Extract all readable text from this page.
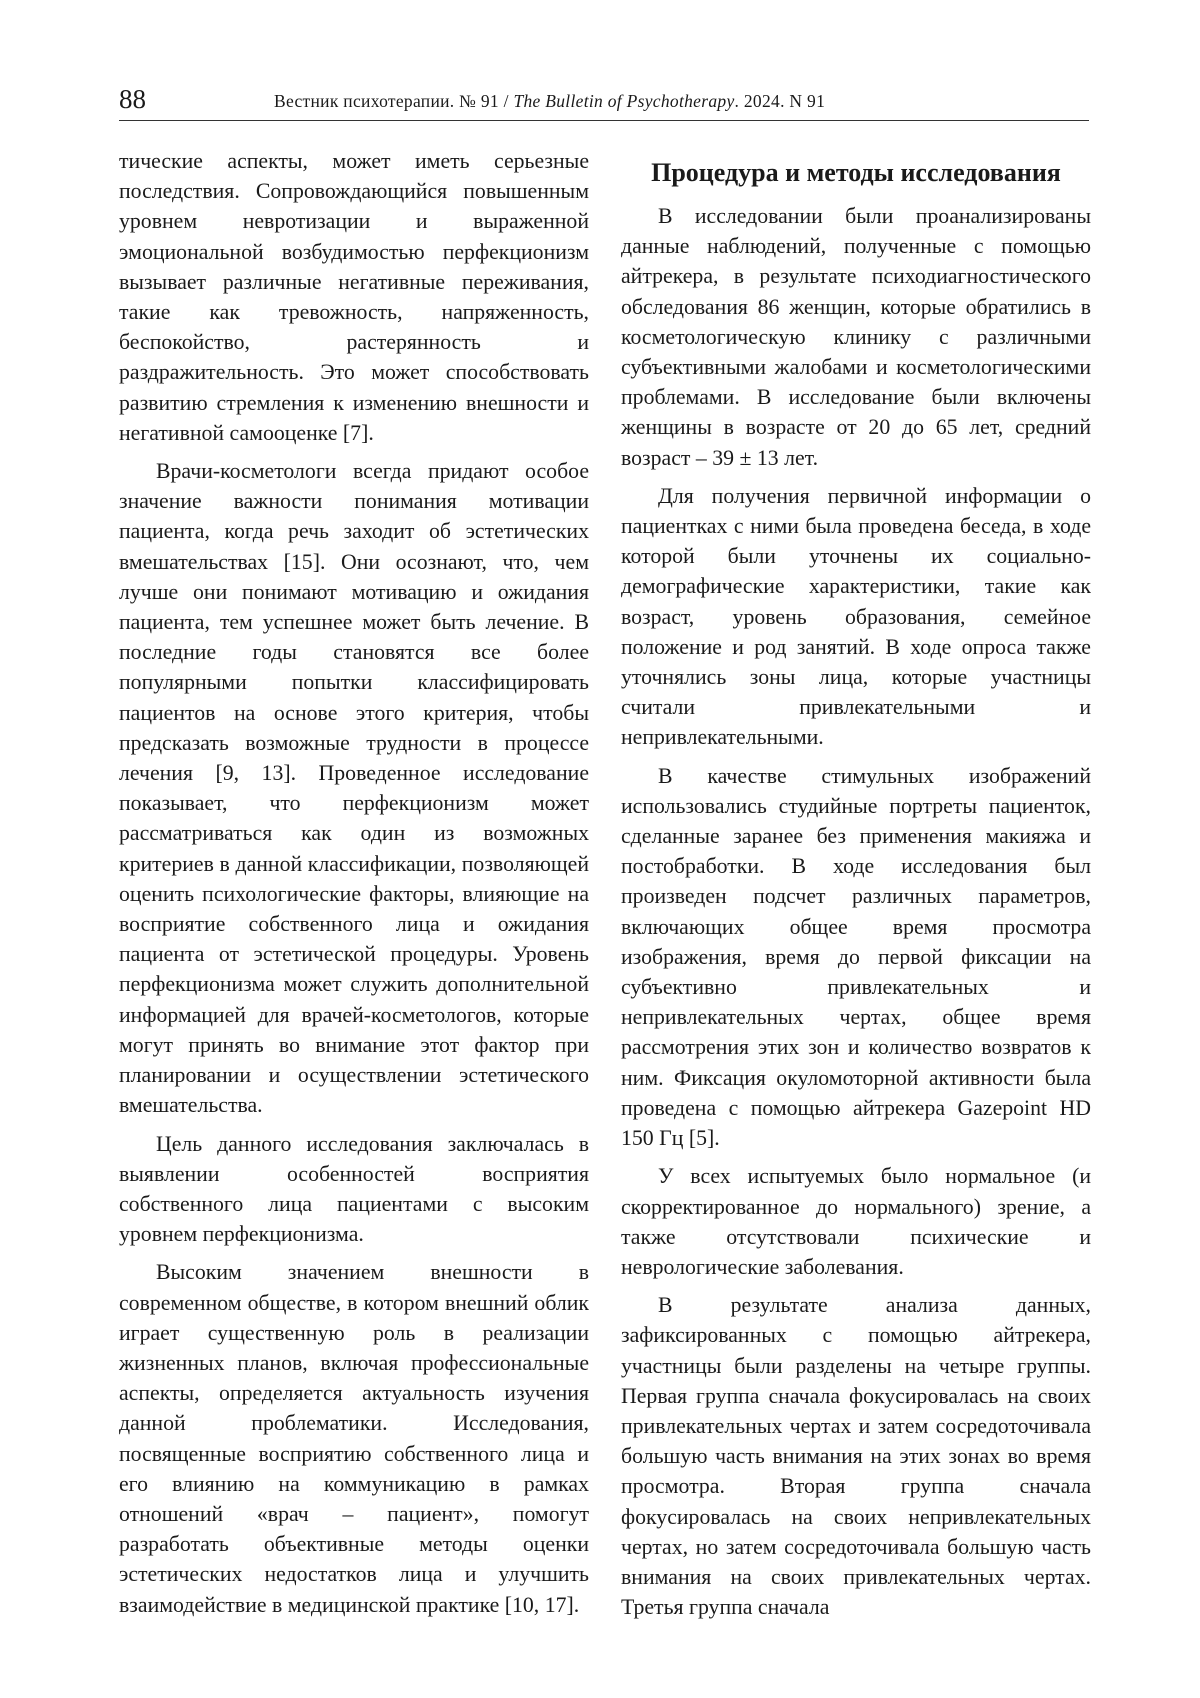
88	Вестник психотерапии. № 91 / The Bulletin of Psychotherapy. 2024. N 91

тические аспекты, может иметь серьезные последствия. Сопровождающийся повышенным уровнем невротизации и выраженной эмоциональной возбудимостью перфекционизм вызывает различные негативные переживания, такие как тревожность, напряженность, беспокойство, растерянность и раздражительность. Это может способствовать развитию стремления к изменению внешности и негативной самооценке [7].

Врачи-косметологи всегда придают особое значение важности понимания мотивации пациента, когда речь заходит об эстетических вмешательствах [15]. Они осознают, что, чем лучше они понимают мотивацию и ожидания пациента, тем успешнее может быть лечение. В последние годы становятся все более популярными попытки классифицировать пациентов на основе этого критерия, чтобы предсказать возможные трудности в процессе лечения [9, 13]. Проведенное исследование показывает, что перфекционизм может рассматриваться как один из возможных критериев в данной классификации, позволяющей оценить психологические факторы, влияющие на восприятие собственного лица и ожидания пациента от эстетической процедуры. Уровень перфекционизма может служить дополнительной информацией для врачей-косметологов, которые могут принять во внимание этот фактор при планировании и осуществлении эстетического вмешательства.

Цель данного исследования заключалась в выявлении особенностей восприятия собственного лица пациентами с высоким уровнем перфекционизма.

Высоким значением внешности в современном обществе, в котором внешний облик играет существенную роль в реализации жизненных планов, включая профессиональные аспекты, определяется актуальность изучения данной проблематики. Исследования, посвященные восприятию собственного лица и его влиянию на коммуникацию в рамках отношений «врач – пациент», помогут разработать объективные методы оценки эстетических недостатков лица и улучшить взаимодействие в медицинской практике [10, 17].

Процедура и методы исследования

В исследовании были проанализированы данные наблюдений, полученные с помощью айтрекера, в результате психодиагностического обследования 86 женщин, которые обратились в косметологическую клинику с различными субъективными жалобами и косметологическими проблемами. В исследование были включены женщины в возрасте от 20 до 65 лет, средний возраст – 39 ± 13 лет.

Для получения первичной информации о пациентках с ними была проведена беседа, в ходе которой были уточнены их социально-демографические характеристики, такие как возраст, уровень образования, семейное положение и род занятий. В ходе опроса также уточнялись зоны лица, которые участницы считали привлекательными и непривлекательными.

В качестве стимульных изображений использовались студийные портреты пациенток, сделанные заранее без применения макияжа и постобработки. В ходе исследования был произведен подсчет различных параметров, включающих общее время просмотра изображения, время до первой фиксации на субъективно привлекательных и непривлекательных чертах, общее время рассмотрения этих зон и количество возвратов к ним. Фиксация окуломоторной активности была проведена с помощью айтрекера Gazepoint HD 150 Гц [5].

У всех испытуемых было нормальное (и скорректированное до нормального) зрение, а также отсутствовали психические и неврологические заболевания.

В результате анализа данных, зафиксированных с помощью айтрекера, участницы были разделены на четыре группы. Первая группа сначала фокусировалась на своих привлекательных чертах и затем сосредоточивала большую часть внимания на этих зонах во время просмотра. Вторая группа сначала фокусировалась на своих непривлекательных чертах, но затем сосредоточивала большую часть внимания на своих привлекательных чертах. Третья группа сначала
